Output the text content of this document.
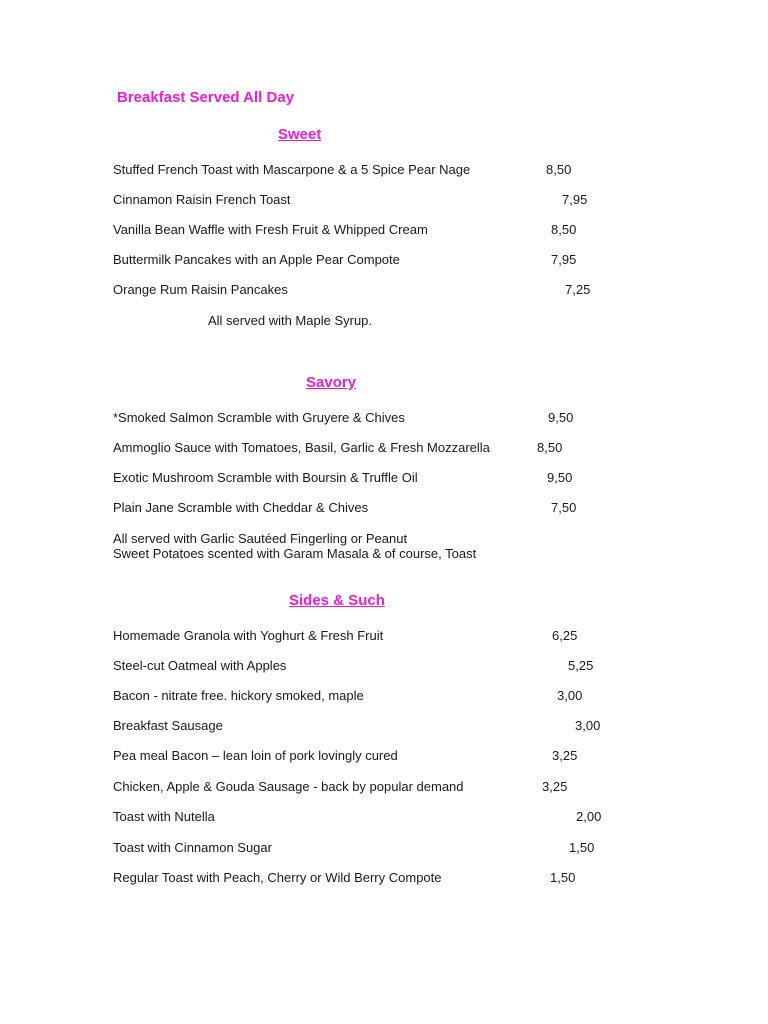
Breakfast Served All Day
Sweet
Stuffed French Toast with Mascarpone & a 5 Spice Pear Nage	8,50
Cinnamon Raisin French Toast	7,95
Vanilla Bean Waffle with Fresh Fruit & Whipped Cream	8,50
Buttermilk Pancakes with an Apple Pear Compote	7,95
Orange Rum Raisin Pancakes	7,25
All served with Maple Syrup.
Savory
*Smoked Salmon Scramble with Gruyere & Chives	9,50
Ammoglio Sauce with Tomatoes, Basil, Garlic & Fresh Mozzarella	8,50
Exotic Mushroom Scramble with Boursin & Truffle Oil	9,50
Plain Jane Scramble with Cheddar & Chives	7,50
All served with Garlic Sautéed Fingerling or Peanut
Sweet Potatoes scented with Garam Masala & of course, Toast
Sides & Such
Homemade Granola with Yoghurt & Fresh Fruit	6,25
Steel-cut Oatmeal with Apples	5,25
Bacon - nitrate free. hickory smoked, maple	3,00
Breakfast Sausage	3,00
Pea meal Bacon – lean loin of pork lovingly cured	3,25
Chicken, Apple & Gouda Sausage - back by popular demand	3,25
Toast with Nutella	2,00
Toast with Cinnamon Sugar	1,50
Regular Toast with Peach, Cherry or Wild Berry Compote	1,50
